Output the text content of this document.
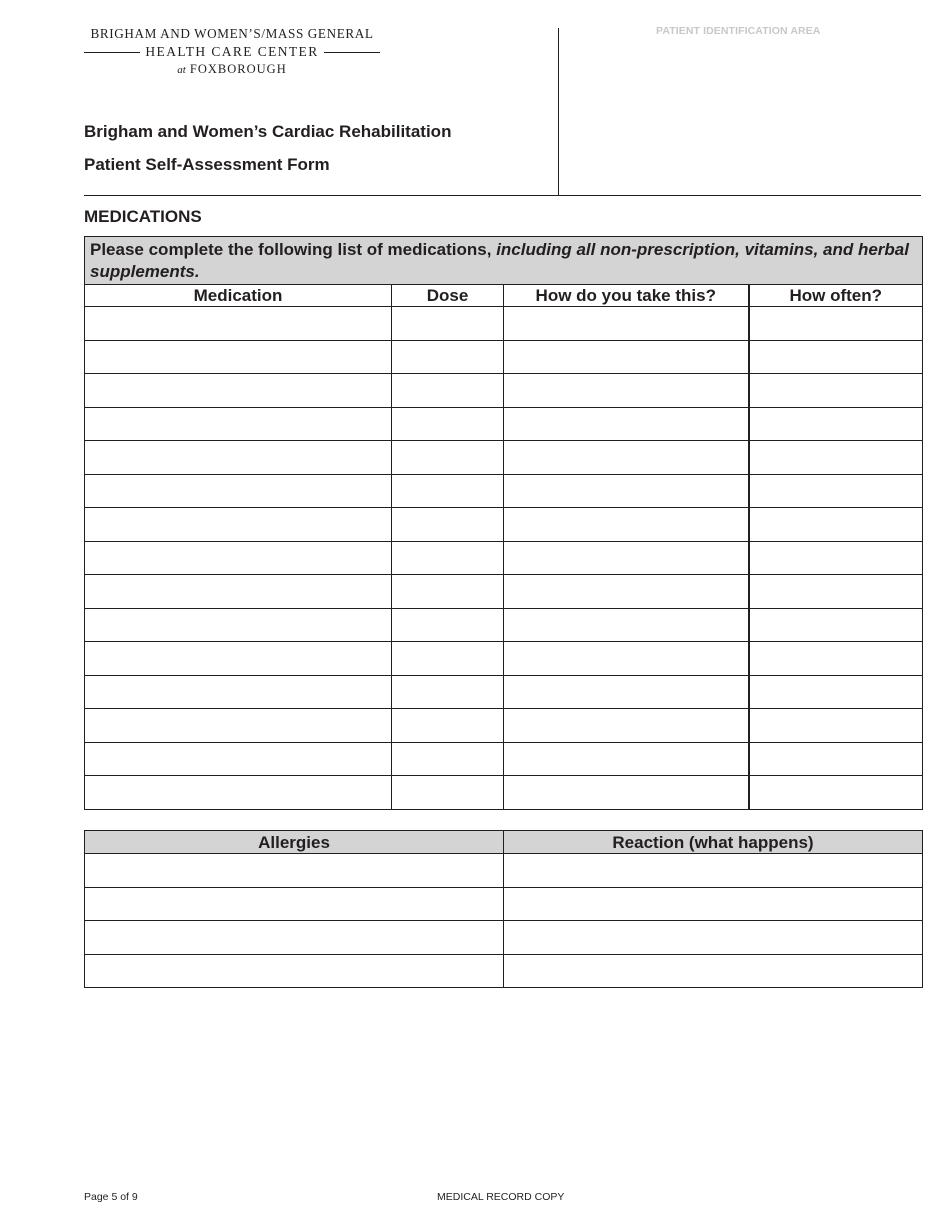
BRIGHAM AND WOMEN’S/MASS GENERAL
HEALTH CARE CENTER
at FOXBOROUGH
PATIENT IDENTIFICATION AREA
Brigham and Women’s Cardiac Rehabilitation
Patient Self-Assessment Form
MEDICATIONS
Please complete the following list of medications, including all non-prescription, vitamins, and herbal supplements.			
Medication	Dose	How do you take this?	How often?

Allergies	Reaction (what happens)

Page 5 of 9	MEDICAL RECORD COPY
